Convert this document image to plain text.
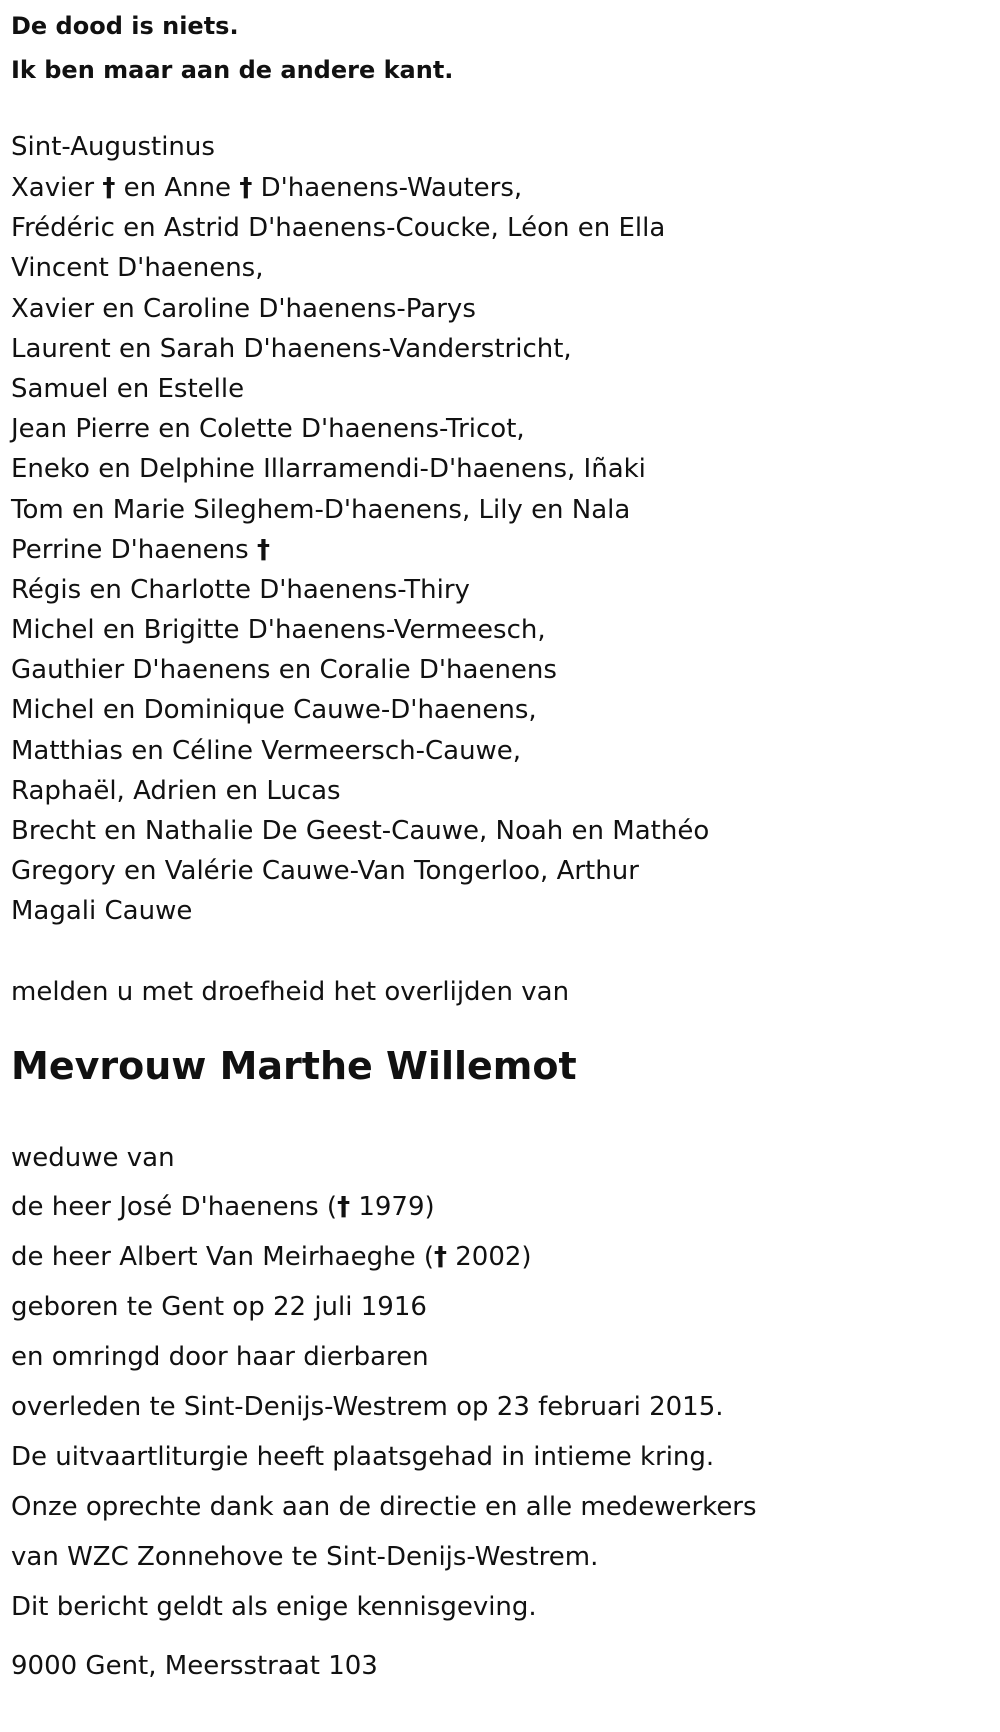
De dood is niets.
Ik ben maar aan de andere kant.
Sint-Augustinus
Xavier † en Anne † D'haenens-Wauters,
Frédéric en Astrid D'haenens-Coucke, Léon en Ella
Vincent D'haenens,
Xavier en Caroline D'haenens-Parys
Laurent en Sarah D'haenens-Vanderstricht,
Samuel en Estelle
Jean Pierre en Colette D'haenens-Tricot,
Eneko en Delphine Illarramendi-D'haenens, Iñaki
Tom en Marie Sileghem-D'haenens, Lily en Nala
Perrine D'haenens †
Régis en Charlotte D'haenens-Thiry
Michel en Brigitte D'haenens-Vermeesch,
Gauthier D'haenens en Coralie D'haenens
Michel en Dominique Cauwe-D'haenens,
Matthias en Céline Vermeersch-Cauwe,
Raphaël, Adrien en Lucas
Brecht en Nathalie De Geest-Cauwe, Noah en Mathéo
Gregory en Valérie Cauwe-Van Tongerloo, Arthur
Magali Cauwe
melden u met droefheid het overlijden van
Mevrouw Marthe Willemot
weduwe van
de heer José D'haenens († 1979)
de heer Albert Van Meirhaeghe († 2002)
geboren te Gent op 22 juli 1916
en omringd door haar dierbaren
overleden te Sint-Denijs-Westrem op 23 februari 2015.
De uitvaartliturgie heeft plaatsgehad in intieme kring.
Onze oprechte dank aan de directie en alle medewerkers
van WZC Zonnehove te Sint-Denijs-Westrem.
Dit bericht geldt als enige kennisgeving.
9000 Gent, Meersstraat 103
